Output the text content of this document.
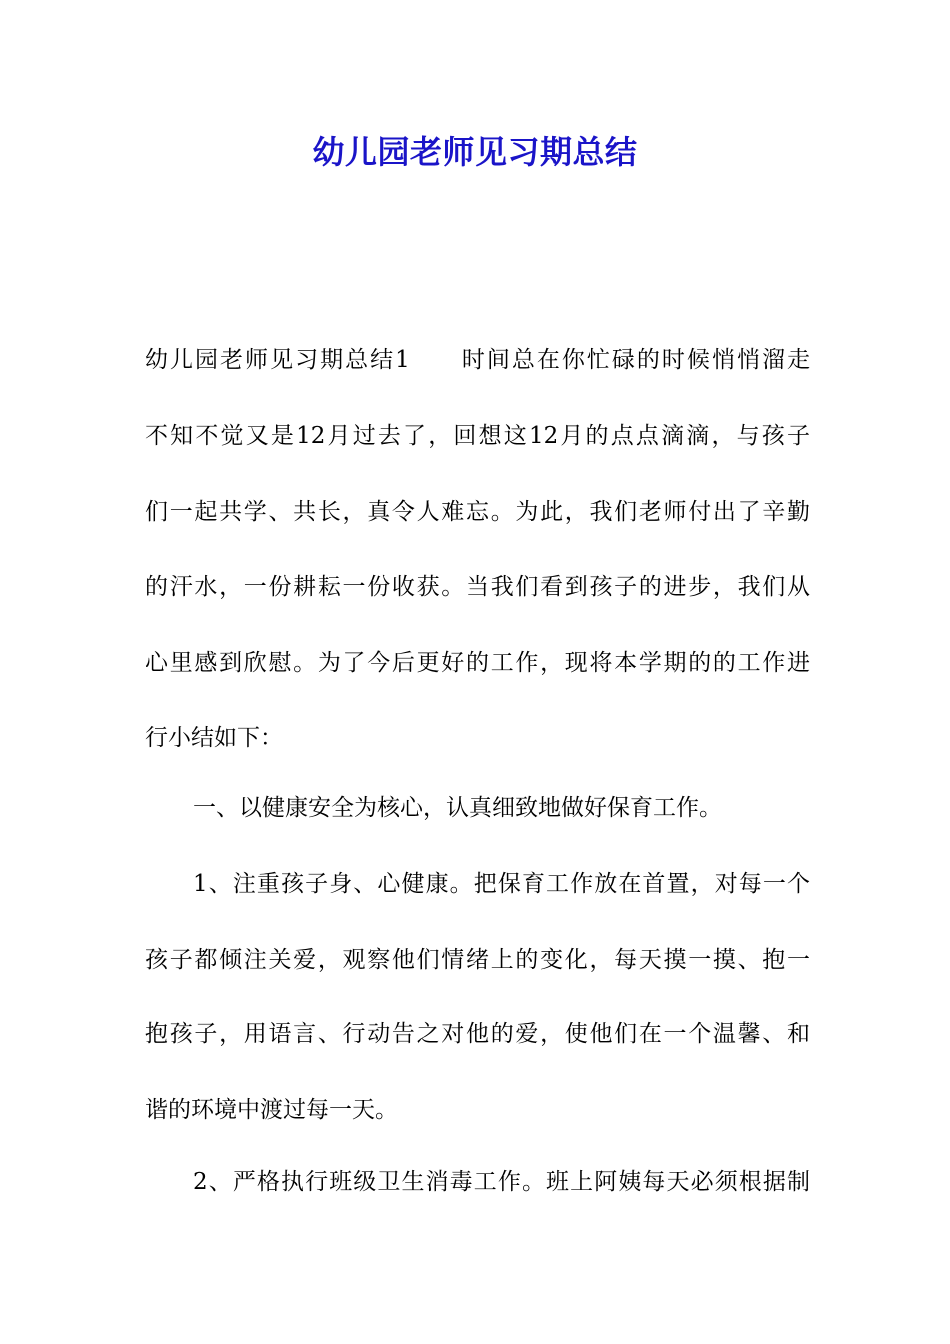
幼儿园老师见习期总结
幼儿园老师见习期总结1　　时间总在你忙碌的时候悄悄溜走
不知不觉又是12月过去了，回想这12月的点点滴滴，与孩子
们一起共学、共长，真令人难忘。为此，我们老师付出了辛勤
的汗水，一份耕耘一份收获。当我们看到孩子的进步，我们从
心里感到欣慰。为了今后更好的工作，现将本学期的的工作进
行小结如下：
一、以健康安全为核心，认真细致地做好保育工作。
1、注重孩子身、心健康。把保育工作放在首置，对每一个
孩子都倾注关爱，观察他们情绪上的变化，每天摸一摸、抱一
抱孩子，用语言、行动告之对他的爱，使他们在一个温馨、和
谐的环境中渡过每一天。
2、严格执行班级卫生消毒工作。班上阿姨每天必须根据制
